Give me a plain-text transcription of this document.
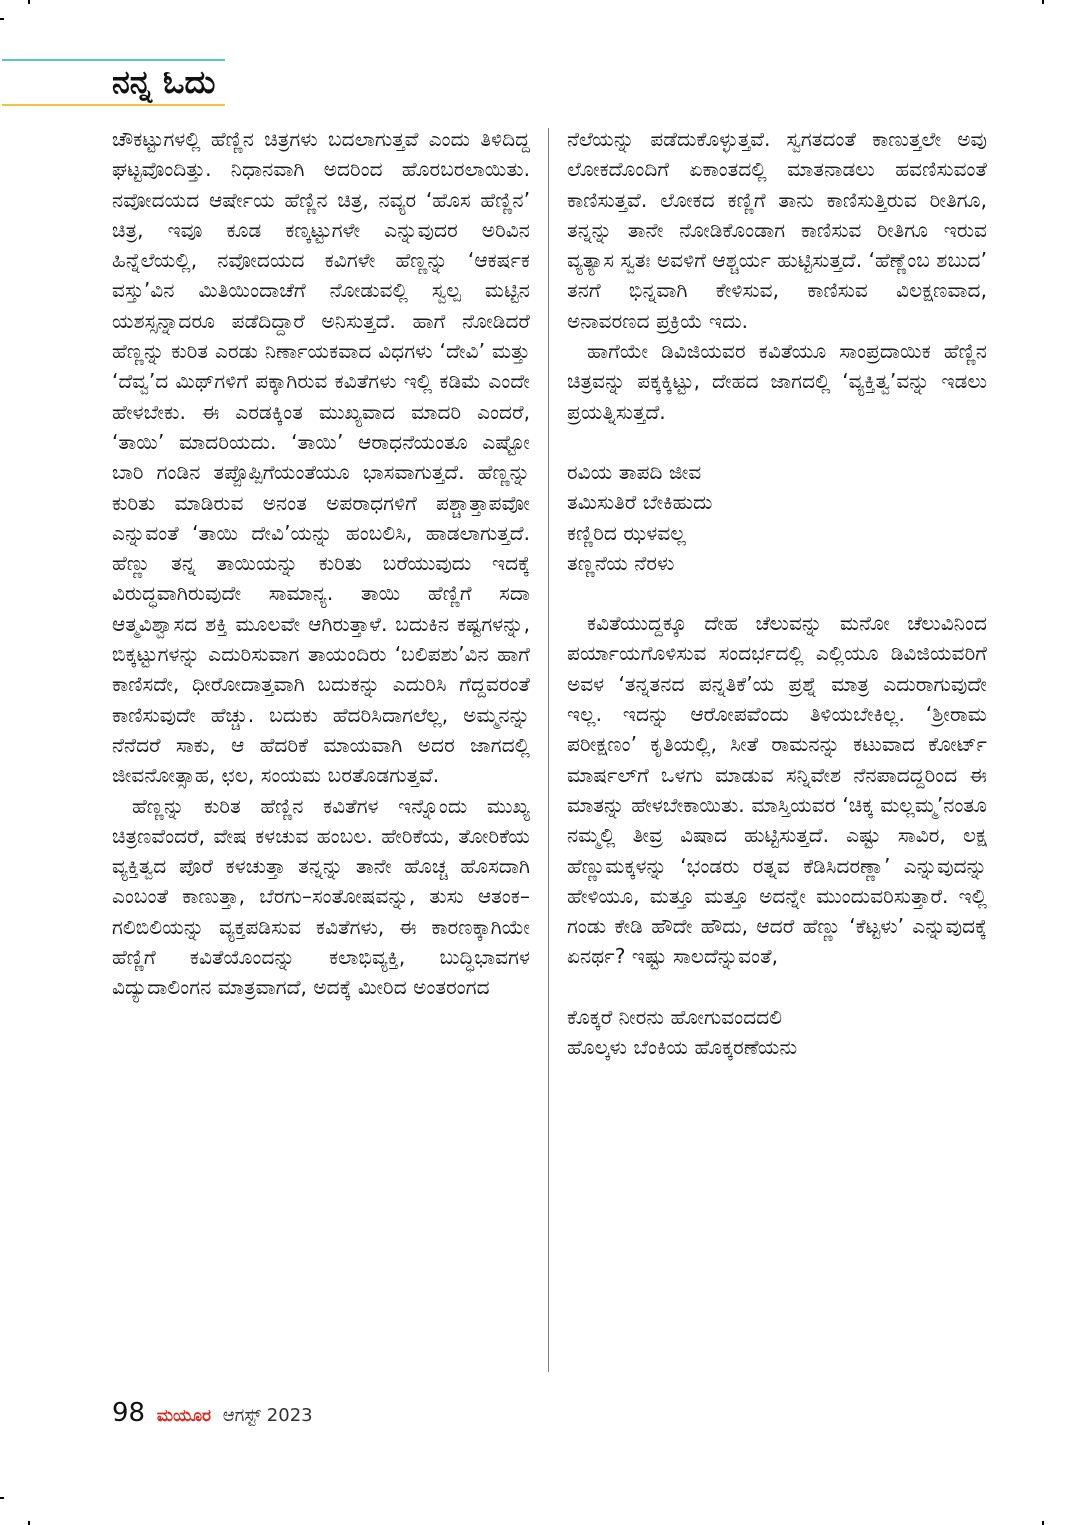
ನನ್ನ ಓದು

ಚೌಕಟ್ಟುಗಳಲ್ಲಿ ಹೆಣ್ಣಿನ ಚಿತ್ರಗಳು ಬದಲಾಗುತ್ತವೆ ಎಂದು ತಿಳಿದಿದ್ದ ಘಟ್ಟವೊಂದಿತ್ತು. ನಿಧಾನವಾಗಿ ಅದರಿಂದ ಹೊರಬರಲಾಯಿತು. ನವೋದಯದ ಆರ್ಷೇಯ ಹೆಣ್ಣಿನ ಚಿತ್ರ, ನವ್ಯರ ‘ಹೊಸ ಹೆಣ್ಣಿನ’ ಚಿತ್ರ, ಇವೂ ಕೂಡ ಕಣ್ಕಟ್ಟುಗಳೇ ಎನ್ನುವುದರ ಅರಿವಿನ ಹಿನ್ನೆಲೆಯಲ್ಲಿ, ನವೋದಯದ ಕವಿಗಳೇ ಹೆಣ್ಣನ್ನು ‘ಆಕರ್ಷಕ ವಸ್ತು’ವಿನ ಮಿತಿಯಿಂದಾಚೆಗೆ ನೋಡುವಲ್ಲಿ ಸ್ವಲ್ಪ ಮಟ್ಟಿನ ಯಶಸ್ಸನ್ನಾದರೂ ಪಡೆದಿದ್ದಾರೆ ಅನಿಸುತ್ತದೆ. ಹಾಗೆ ನೋಡಿದರೆ ಹೆಣ್ಣನ್ನು ಕುರಿತ ಎರಡು ನಿರ್ಣಾಯಕವಾದ ವಿಧಗಳು ‘ದೇವಿ’ ಮತ್ತು ‘ದೆವ್ವ’ದ ಮಿಥ್‌ಗಳಿಗೆ ಪಕ್ಕಾಗಿರುವ ಕವಿತೆಗಳು ಇಲ್ಲಿ ಕಡಿಮೆ ಎಂದೇ ಹೇಳಬೇಕು. ಈ ಎರಡಕ್ಕಿಂತ ಮುಖ್ಯವಾದ ಮಾದರಿ ಎಂದರೆ, ‘ತಾಯಿ’ ಮಾದರಿಯದು. ‘ತಾಯಿ’ ಆರಾಧನೆಯಂತೂ ಎಷ್ಟೋ ಬಾರಿ ಗಂಡಿನ ತಪ್ಪೊಪ್ಪಿಗೆಯಂತೆಯೂ ಭಾಸವಾಗುತ್ತದೆ. ಹೆಣ್ಣನ್ನು ಕುರಿತು ಮಾಡಿರುವ ಅನಂತ ಅಪರಾಧಗಳಿಗೆ ಪಶ್ಚಾತ್ತಾಪವೋ ಎನ್ನುವಂತೆ ‘ತಾಯಿ ದೇವಿ’ಯನ್ನು ಹಂಬಲಿಸಿ, ಹಾಡಲಾಗುತ್ತದೆ. ಹೆಣ್ಣು ತನ್ನ ತಾಯಿಯನ್ನು ಕುರಿತು ಬರೆಯುವುದು ಇದಕ್ಕೆ ವಿರುದ್ಧವಾಗಿರುವುದೇ ಸಾಮಾನ್ಯ. ತಾಯಿ ಹೆಣ್ಣಿಗೆ ಸದಾ ಆತ್ಮವಿಶ್ವಾಸದ ಶಕ್ತಿ ಮೂಲವೇ ಆಗಿರುತ್ತಾಳೆ. ಬದುಕಿನ ಕಷ್ಟಗಳನ್ನು, ಬಿಕ್ಕಟ್ಟುಗಳನ್ನು ಎದುರಿಸುವಾಗ ತಾಯಂದಿರು ‘ಬಲಿಪಶು’ವಿನ ಹಾಗೆ ಕಾಣಿಸದೇ, ಧೀರೋದಾತ್ತವಾಗಿ ಬದುಕನ್ನು ಎದುರಿಸಿ ಗೆದ್ದವರಂತೆ ಕಾಣಿಸುವುದೇ ಹೆಚ್ಚು. ಬದುಕು ಹೆದರಿಸಿದಾಗಲೆಲ್ಲ, ಅಮ್ಮನನ್ನು ನೆನೆದರೆ ಸಾಕು, ಆ ಹೆದರಿಕೆ ಮಾಯವಾಗಿ ಅದರ ಜಾಗದಲ್ಲಿ ಜೀವನೋತ್ಸಾಹ, ಛಲ, ಸಂಯಮ ಬರತೊಡಗುತ್ತವೆ.

ಹೆಣ್ಣನ್ನು ಕುರಿತ ಹೆಣ್ಣಿನ ಕವಿತೆಗಳ ಇನ್ನೊಂದು ಮುಖ್ಯ ಚಿತ್ರಣವೆಂದರೆ, ವೇಷ ಕಳಚುವ ಹಂಬಲ. ಹೇರಿಕೆಯ, ತೋರಿಕೆಯ ವ್ಯಕ್ತಿತ್ವದ ಪೊರೆ ಕಳಚುತ್ತಾ ತನ್ನನ್ನು ತಾನೇ ಹೊಚ್ಚ ಹೊಸದಾಗಿ ಎಂಬಂತೆ ಕಾಣುತ್ತಾ, ಬೆರಗು–ಸಂತೋಷವನ್ನು, ತುಸು ಆತಂಕ–ಗಲಿಬಿಲಿಯನ್ನು ವ್ಯಕ್ತಪಡಿಸುವ ಕವಿತೆಗಳು, ಈ ಕಾರಣಕ್ಕಾಗಿಯೇ ಹೆಣ್ಣಿಗೆ ಕವಿತೆಯೊಂದನ್ನು ಕಲಾಭಿವ್ಯಕ್ತಿ, ಬುದ್ಧಿಭಾವಗಳ ವಿದ್ಯುದಾಲಿಂಗನ ಮಾತ್ರವಾಗದೆ, ಅದಕ್ಕೆ ಮೀರಿದ ಅಂತರಂಗದ

ನೆಲೆಯನ್ನು ಪಡೆದುಕೊಳ್ಳುತ್ತವೆ. ಸ್ವಗತದಂತೆ ಕಾಣುತ್ತಲೇ ಅವು ಲೋಕದೊಂದಿಗೆ ಏಕಾಂತದಲ್ಲಿ ಮಾತನಾಡಲು ಹವಣಿಸುವಂತೆ ಕಾಣಿಸುತ್ತವೆ. ಲೋಕದ ಕಣ್ಣಿಗೆ ತಾನು ಕಾಣಿಸುತ್ತಿರುವ ರೀತಿಗೂ, ತನ್ನನ್ನು ತಾನೇ ನೋಡಿಕೊಂಡಾಗ ಕಾಣಿಸುವ ರೀತಿಗೂ ಇರುವ ವ್ಯತ್ಯಾಸ ಸ್ವತಃ ಅವಳಿಗೆ ಆಶ್ಚರ್ಯ ಹುಟ್ಟಿಸುತ್ತದೆ. ‘ಹೆಣ್ಣೆಂಬ ಶಬುದ’ ತನಗೆ ಭಿನ್ನವಾಗಿ ಕೇಳಿಸುವ, ಕಾಣಿಸುವ ವಿಲಕ್ಷಣವಾದ, ಅನಾವರಣದ ಪ್ರಕ್ರಿಯೆ ಇದು.

ಹಾಗೆಯೇ ಡಿವಿಜಿಯವರ ಕವಿತೆಯೂ ಸಾಂಪ್ರದಾಯಿಕ ಹೆಣ್ಣಿನ ಚಿತ್ರವನ್ನು ಪಕ್ಕಕ್ಕಿಟ್ಟು, ದೇಹದ ಜಾಗದಲ್ಲಿ ‘ವ್ಯಕ್ತಿತ್ವ’ವನ್ನು ಇಡಲು ಪ್ರಯತ್ನಿಸುತ್ತದೆ.

ರವಿಯ ತಾಪದಿ ಜೀವ

ತಮಿಸುತಿರೆ ಬೇಕಿಹುದು

ಕಣ್ಣಿರಿದ ಝಳವಲ್ಲ

ತಣ್ಣನೆಯ ನೆರಳು

ಕವಿತೆಯುದ್ದಕ್ಕೂ ದೇಹ ಚೆಲುವನ್ನು ಮನೋ ಚೆಲುವಿನಿಂದ ಪರ್ಯಾಯಗೊಳಿಸುವ ಸಂದರ್ಭದಲ್ಲಿ ಎಲ್ಲಿಯೂ ಡಿವಿಜಿಯವರಿಗೆ ಅವಳ ‘ತನ್ನತನದ ಪನ್ನತಿಕೆ’ಯ ಪ್ರಶ್ನೆ ಮಾತ್ರ ಎದುರಾಗುವುದೇ ಇಲ್ಲ. ಇದನ್ನು ಆರೋಪವೆಂದು ತಿಳಿಯಬೇಕಿಲ್ಲ. ‘ಶ್ರೀರಾಮ ಪರೀಕ್ಷಣಂ’ ಕೃತಿಯಲ್ಲಿ, ಸೀತೆ ರಾಮನನ್ನು ಕಟುವಾದ ಕೋರ್ಟ್ ಮಾರ್ಷಲ್‌ಗೆ ಒಳಗು ಮಾಡುವ ಸನ್ನಿವೇಶ ನೆನಪಾದದ್ದರಿಂದ ಈ ಮಾತನ್ನು ಹೇಳಬೇಕಾಯಿತು. ಮಾಸ್ತಿಯವರ ‘ಚಿಕ್ಕ ಮಲ್ಲಮ್ಮ’ನಂತೂ ನಮ್ಮಲ್ಲಿ ತೀವ್ರ ವಿಷಾದ ಹುಟ್ಟಿಸುತ್ತದೆ. ಎಷ್ಟು ಸಾವಿರ, ಲಕ್ಷ ಹೆಣ್ಣುಮಕ್ಕಳನ್ನು ‘ಭಂಡರು ರತ್ನವ ಕೆಡಿಸಿದರಣ್ಣಾ’ ಎನ್ನುವುದನ್ನು ಹೇಳಿಯೂ, ಮತ್ತೂ ಮತ್ತೂ ಅದನ್ನೇ ಮುಂದುವರಿಸುತ್ತಾರೆ. ಇಲ್ಲಿ ಗಂಡು ಕೇಡಿ ಹೌದೇ ಹೌದು, ಆದರೆ ಹೆಣ್ಣು ‘ಕೆಟ್ಟಳು’ ಎನ್ನುವುದಕ್ಕೆ ಏನರ್ಥ? ಇಷ್ಟು ಸಾಲದೆನ್ನುವಂತೆ,

ಕೊಕ್ಕರೆ ನೀರನು ಹೋಗುವಂದದಲಿ

ಹೊಲ್ಕಳು ಬೆಂಕಿಯ ಹೊಕ್ಕರಣೆಯನು

98 ಮಯೂರ ಆಗಸ್ಟ್ 2023
